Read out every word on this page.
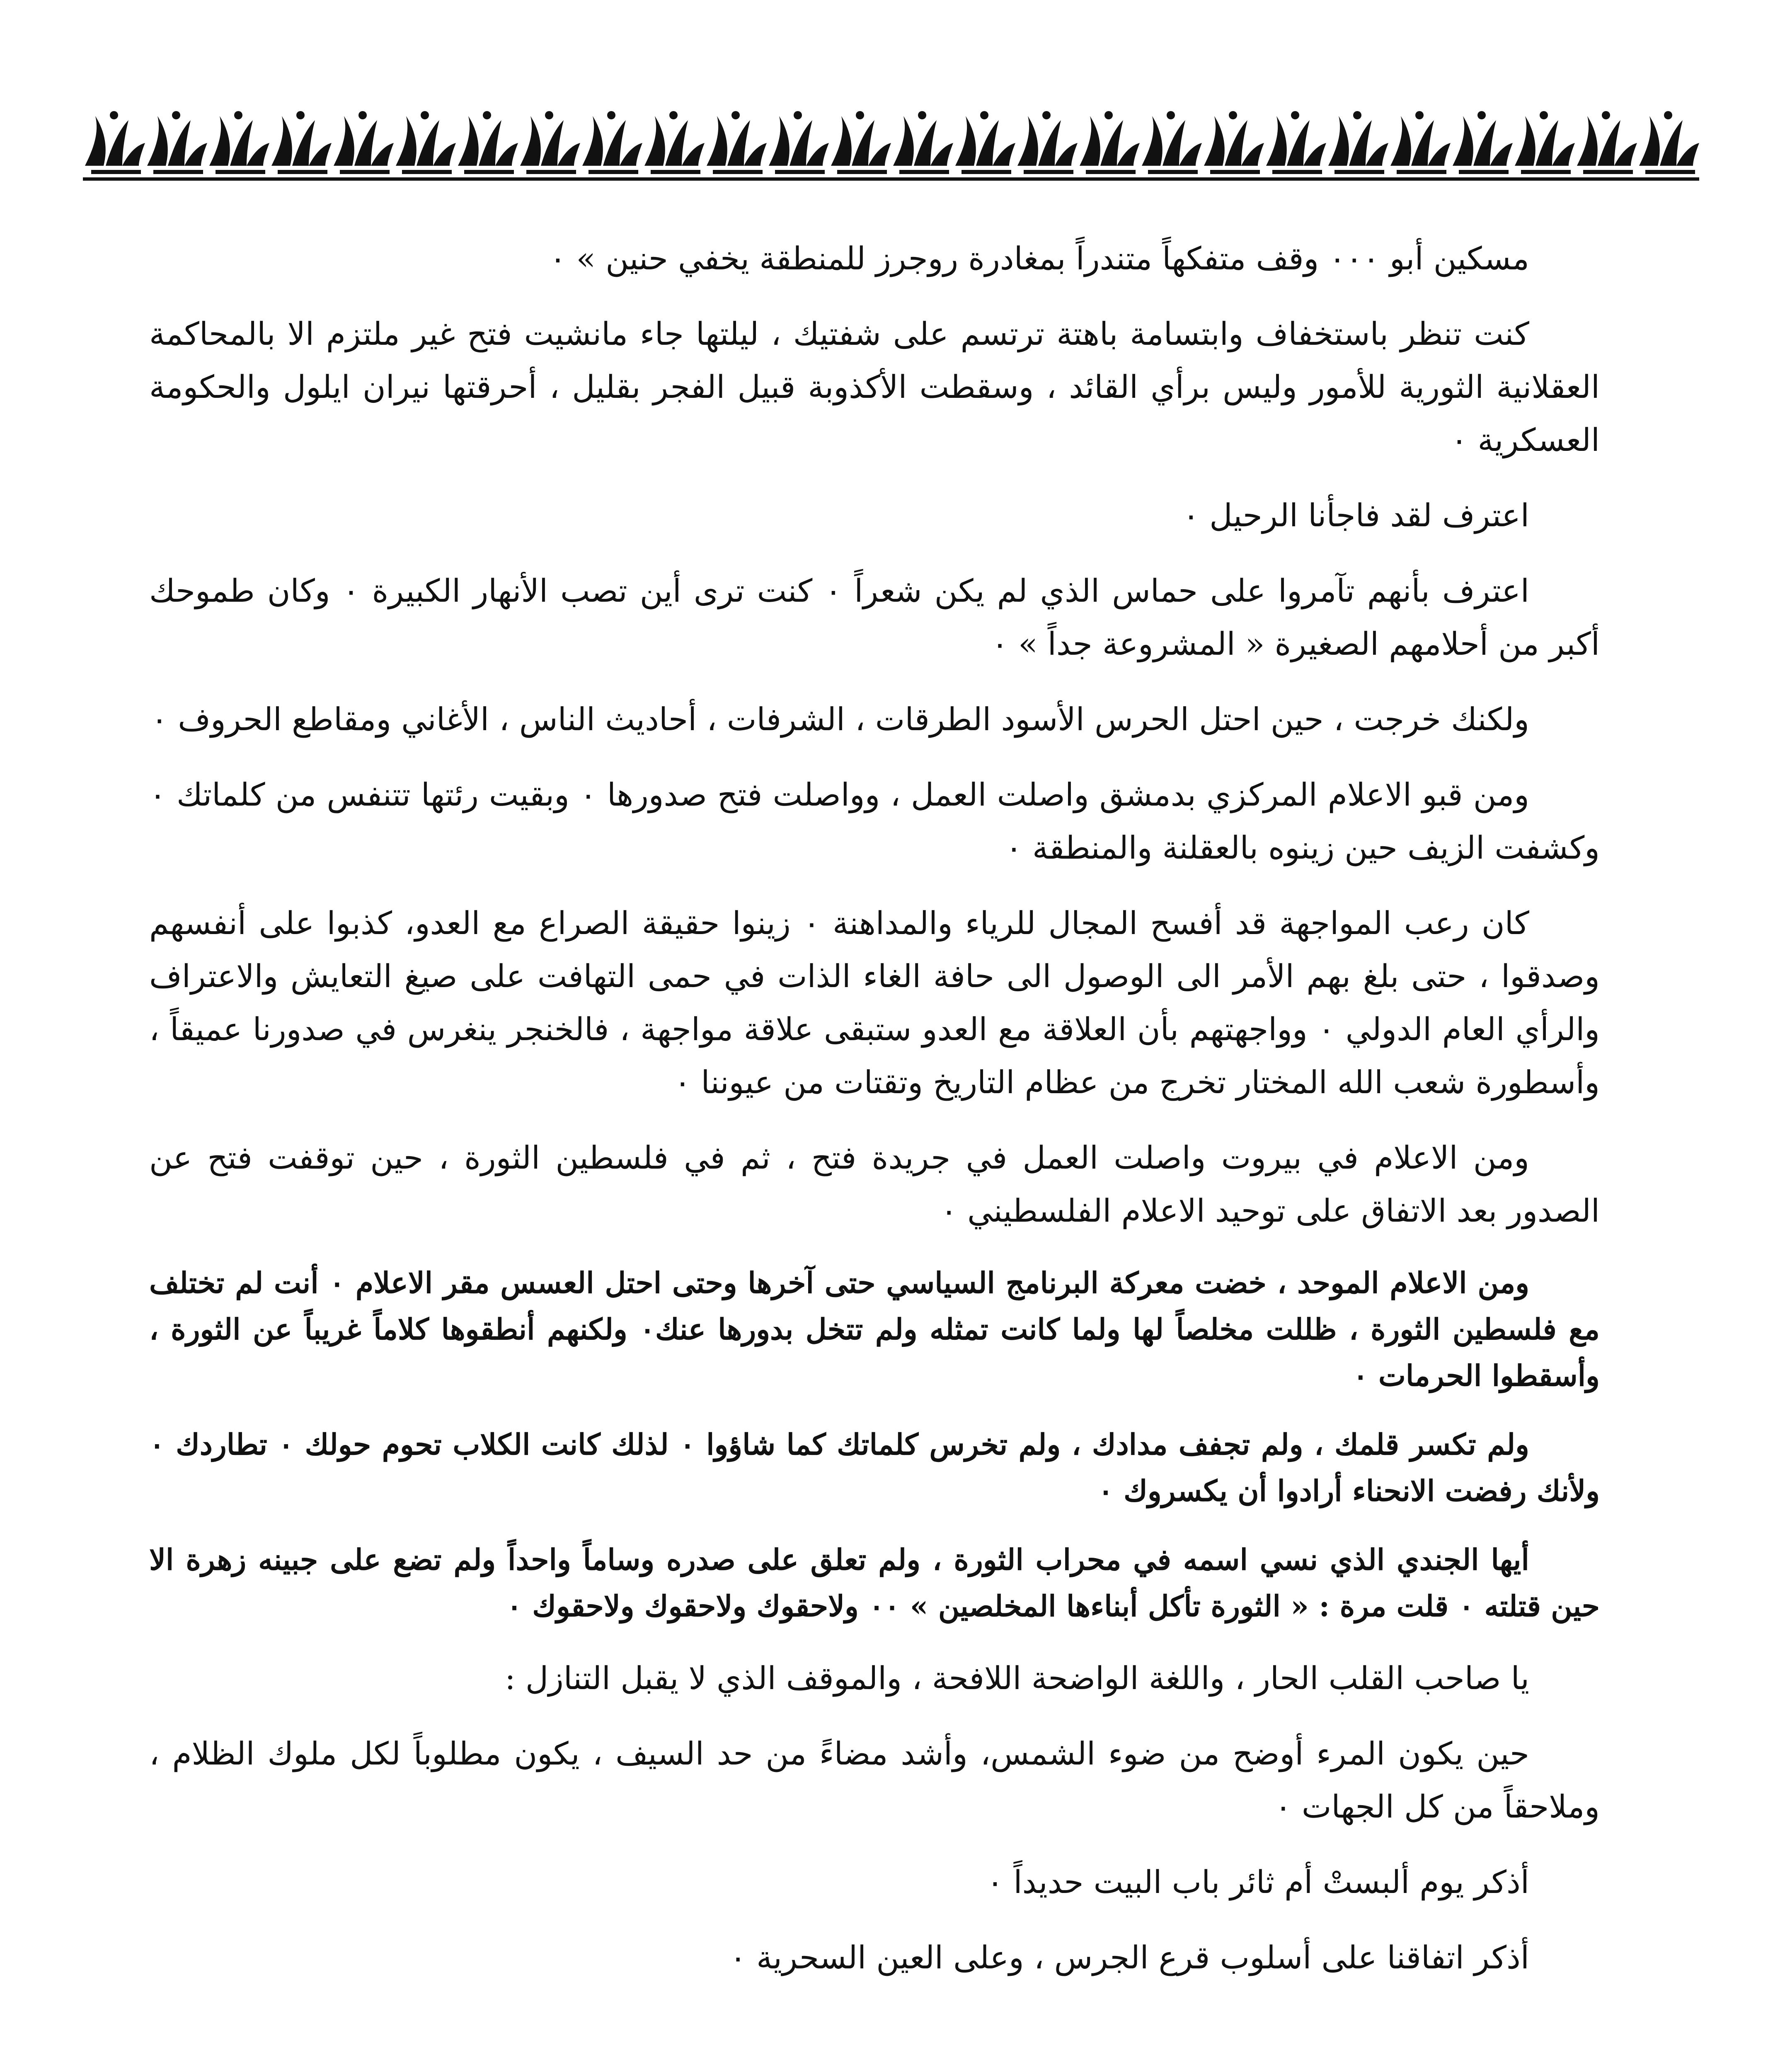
مسكين أبو ٠٠٠ وقف متفكهاً متندراً بمغادرة روجرز للمنطقة يخفي حنين » ٠

كنت تنظر باستخفاف وابتسامة باهتة ترتسم على شفتيك ، ليلتها جاء مانشيت فتح غير ملتزم الا بالمحاكمة العقلانية الثورية للأمور وليس برأي القائد ، وسقطت الأكذوبة قبيل الفجر بقليل ، أحرقتها نيران ايلول والحكومة العسكرية ٠

اعترف لقد فاجأنا الرحيل ٠

اعترف بأنهم تآمروا على حماس الذي لم يكن شعراً ٠ كنت ترى أين تصب الأنهار الكبيرة ٠ وكان طموحك أكبر من أحلامهم الصغيرة « المشروعة جداً » ٠

ولكنك خرجت ، حين احتل الحرس الأسود الطرقات ، الشرفات ، أحاديث الناس ، الأغاني ومقاطع الحروف ٠

ومن قبو الاعلام المركزي بدمشق واصلت العمل ، وواصلت فتح صدورها ٠ وبقيت رئتها تتنفس من كلماتك ٠ وكشفت الزيف حين زينوه بالعقلنة والمنطقة ٠

كان رعب المواجهة قد أفسح المجال للرياء والمداهنة ٠ زينوا حقيقة الصراع مع العدو، كذبوا على أنفسهم وصدقوا ، حتى بلغ بهم الأمر الى الوصول الى حافة الغاء الذات في حمى التهافت على صيغ التعايش والاعتراف والرأي العام الدولي ٠ وواجهتهم بأن العلاقة مع العدو ستبقى علاقة مواجهة ، فالخنجر ينغرس في صدورنا عميقاً ، وأسطورة شعب الله المختار تخرج من عظام التاريخ وتقتات من عيوننا ٠

ومن الاعلام في بيروت واصلت العمل في جريدة فتح ، ثم في فلسطين الثورة ، حين توقفت فتح عن الصدور بعد الاتفاق على توحيد الاعلام الفلسطيني ٠

ومن الاعلام الموحد ، خضت معركة البرنامج السياسي حتى آخرها وحتى احتل العسس مقر الاعلام ٠ أنت لم تختلف مع فلسطين الثورة ، ظللت مخلصاً لها ولما كانت تمثله ولم تتخل بدورها عنك٠ ولكنهم أنطقوها كلاماً غريباً عن الثورة ، وأسقطوا الحرمات ٠

ولم تكسر قلمك ، ولم تجفف مدادك ، ولم تخرس كلماتك كما شاؤوا ٠ لذلك كانت الكلاب تحوم حولك ٠ تطاردك ٠ ولأنك رفضت الانحناء أرادوا أن يكسروك ٠

أيها الجندي الذي نسي اسمه في محراب الثورة ، ولم تعلق على صدره وساماً واحداً ولم تضع على جبينه زهرة الا حين قتلته ٠ قلت مرة : « الثورة تأكل أبناءها المخلصين » ٠٠ ولاحقوك ولاحقوك ولاحقوك ٠

يا صاحب القلب الحار ، واللغة الواضحة اللافحة ، والموقف الذي لا يقبل التنازل :

حين يكون المرء أوضح من ضوء الشمس، وأشد مضاءً من حد السيف ، يكون مطلوباً لكل ملوك الظلام ، وملاحقاً من كل الجهات ٠

أذكر يوم ألبستْ أم ثائر باب البيت حديداً ٠

أذكر اتفاقنا على أسلوب قرع الجرس ، وعلى العين السحرية ٠
